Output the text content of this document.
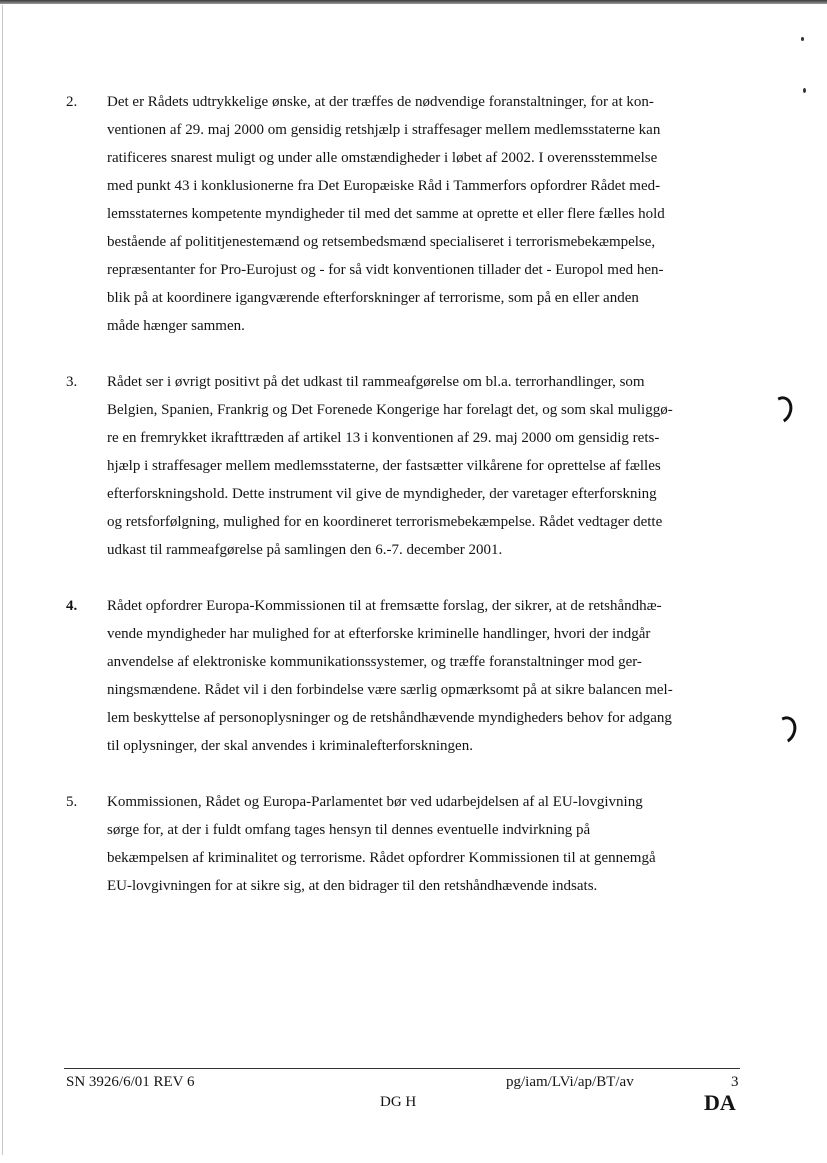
2.	Det er Rådets udtrykkelige ønske, at der træffes de nødvendige foranstaltninger, for at kon-
ventionen af 29. maj 2000 om gensidig retshjælp i straffesager mellem medlemsstaterne kan
ratificeres snarest muligt og under alle omstændigheder i løbet af 2002. I overensstemmelse
med punkt 43 i konklusionerne fra Det Europæiske Råd i Tammerfors opfordrer Rådet med-
lemsstaternes kompetente myndigheder til med det samme at oprette et eller flere fælles hold
bestående af polititjenestemænd og retsembedsmænd specialiseret i terrorismebekæmpelse,
repræsentanter for Pro-Eurojust og - for så vidt konventionen tillader det - Europol med hen-
blik på at koordinere igangværende efterforskninger af terrorisme, som på en eller anden
måde hænger sammen.
3.	Rådet ser i øvrigt positivt på det udkast til rammeafgørelse om bl.a. terrorhandlinger, som
Belgien, Spanien, Frankrig og Det Forenede Kongerige har forelagt det, og som skal muliggø-
re en fremrykket ikrafttræden af artikel 13 i konventionen af 29. maj 2000 om gensidig rets-
hjælp i straffesager mellem medlemsstaterne, der fastsætter vilkårene for oprettelse af fælles
efterforskningshold. Dette instrument vil give de myndigheder, der varetager efterforskning
og retsforfølgning, mulighed for en koordineret terrorismebekæmpelse. Rådet vedtager dette
udkast til rammeafgørelse på samlingen den 6.-7. december 2001.
4.	Rådet opfordrer Europa-Kommissionen til at fremsætte forslag, der sikrer, at de retshåndhæ-
vende myndigheder har mulighed for at efterforske kriminelle handlinger, hvori der indgår
anvendelse af elektroniske kommunikationssystemer, og træffe foranstaltninger mod ger-
ningsmændene. Rådet vil i den forbindelse være særlig opmærksomt på at sikre balancen mel-
lem beskyttelse af personoplysninger og de retshåndhævende myndigheders behov for adgang
til oplysninger, der skal anvendes i kriminalefterforskningen.
5.	Kommissionen, Rådet og Europa-Parlamentet bør ved udarbejdelsen af al EU-lovgivning
sørge for, at der i fuldt omfang tages hensyn til dennes eventuelle indvirkning på
bekæmpelsen af kriminalitet og terrorisme. Rådet opfordrer Kommissionen til at gennemgå
EU-lovgivningen for at sikre sig, at den bidrager til den retshåndhævende indsats.
SN 3926/6/01 REV 6	pg/iam/LVi/ap/BT/av	3
DG H	DA
